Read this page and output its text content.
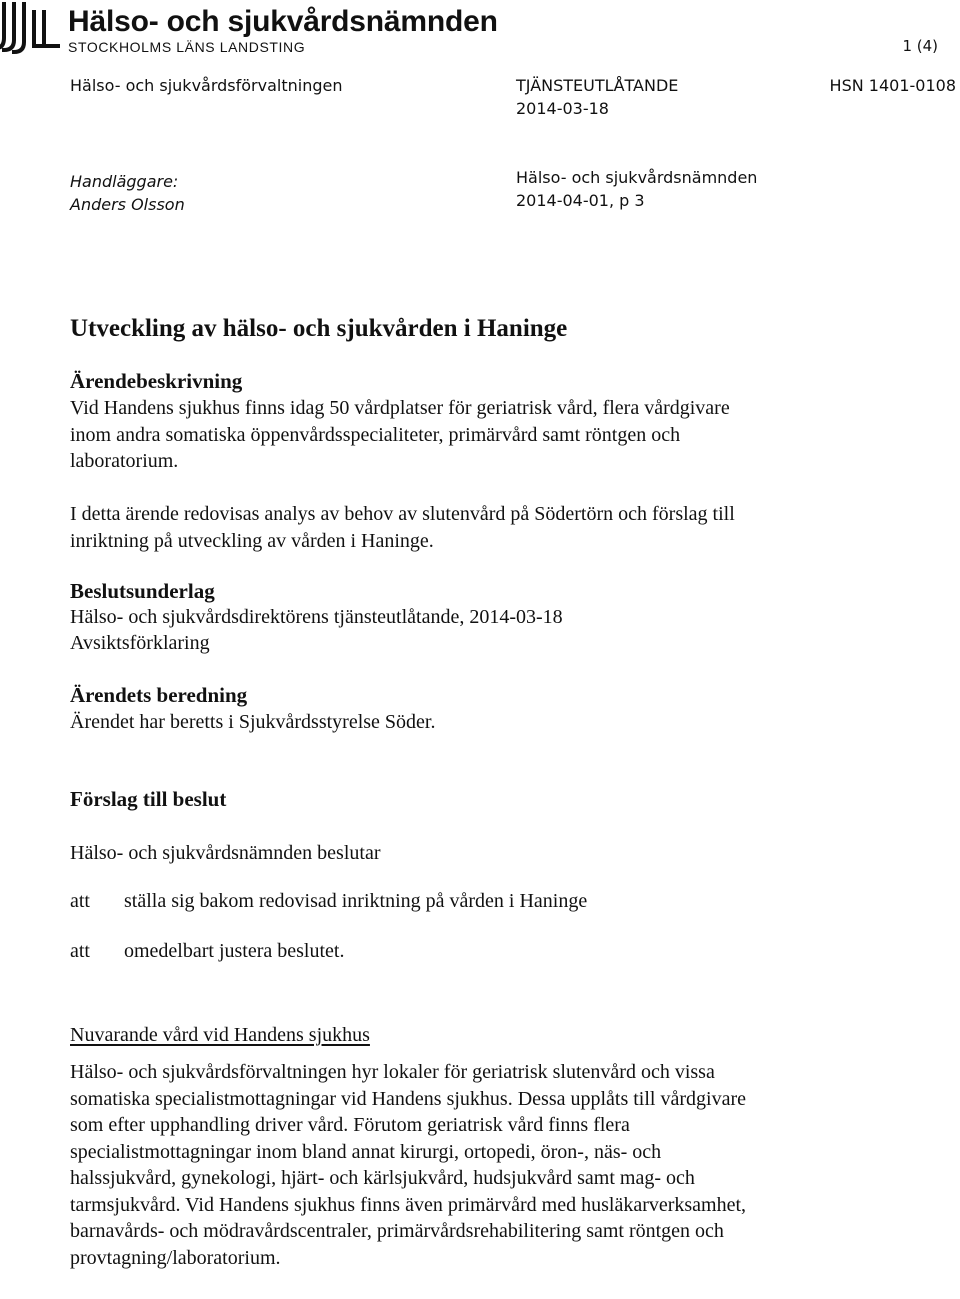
Hälso- och sjukvårdsnämnden
STOCKHOLMS LÄNS LANDSTING	1 (4)
Hälso- och sjukvårdsförvaltningen	TJÄNSTEUTLÅTANDE
2014-03-18
HSN 1401-0108
Handläggare:
Anders Olsson
Hälso- och sjukvårdsnämnden
2014-04-01, p 3
Utveckling av hälso- och sjukvården i Haninge
Ärendebeskrivning
Vid Handens sjukhus finns idag 50 vårdplatser för geriatrisk vård, flera vårdgivare inom andra somatiska öppenvårdsspecialiteter, primärvård samt röntgen och laboratorium.
I detta ärende redovisas analys av behov av slutenvård på Södertörn och förslag till inriktning på utveckling av vården i Haninge.
Beslutsunderlag
Hälso- och sjukvårdsdirektörens tjänsteutlåtande, 2014-03-18
Avsiktsförklaring
Ärendets beredning
Ärendet har beretts i Sjukvårdsstyrelse Söder.
Förslag till beslut
Hälso- och sjukvårdsnämnden beslutar
att ställa sig bakom redovisad inriktning på vården i Haninge
att omedelbart justera beslutet.
Nuvarande vård vid Handens sjukhus
Hälso- och sjukvårdsförvaltningen hyr lokaler för geriatrisk slutenvård och vissa somatiska specialistmottagningar vid Handens sjukhus. Dessa upplåts till vårdgivare som efter upphandling driver vård. Förutom geriatrisk vård finns flera specialistmottagningar inom bland annat kirurgi, ortopedi, öron-, näs- och halssjukvård, gynekologi, hjärt- och kärlsjukvård, hudsjukvård samt mag- och tarmsjukvård. Vid Handens sjukhus finns även primärvård med husläkarverksamhet, barnavårds- och mödravårdscentraler, primärvårdsrehabilitering samt röntgen och provtagning/laboratorium.
